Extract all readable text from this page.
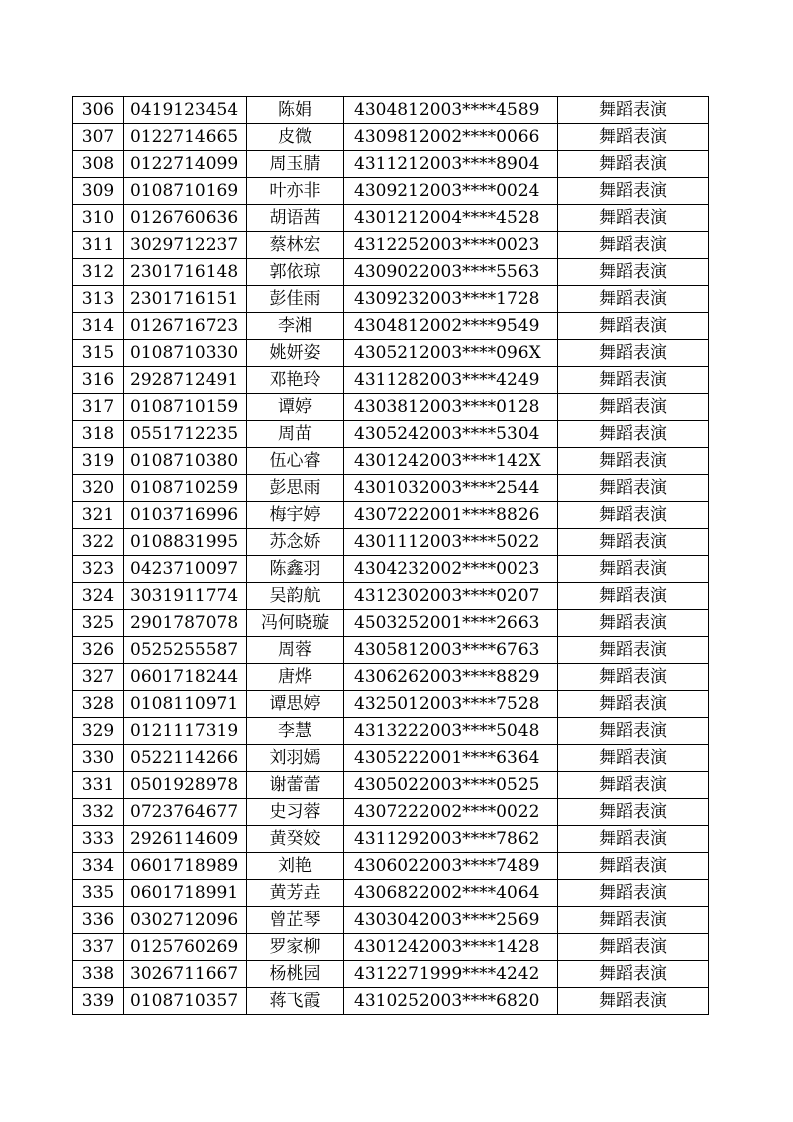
306	0419123454	陈娟	4304812003****4589	舞蹈表演
307	0122714665	皮微	4309812002****0066	舞蹈表演
308	0122714099	周玉腈	4311212003****8904	舞蹈表演
309	0108710169	叶亦非	4309212003****0024	舞蹈表演
310	0126760636	胡语茜	4301212004****4528	舞蹈表演
311	3029712237	蔡林宏	4312252003****0023	舞蹈表演
312	2301716148	郭依琼	4309022003****5563	舞蹈表演
313	2301716151	彭佳雨	4309232003****1728	舞蹈表演
314	0126716723	李湘	4304812002****9549	舞蹈表演
315	0108710330	姚妍姿	4305212003****096X	舞蹈表演
316	2928712491	邓艳玲	4311282003****4249	舞蹈表演
317	0108710159	谭婷	4303812003****0128	舞蹈表演
318	0551712235	周苗	4305242003****5304	舞蹈表演
319	0108710380	伍心睿	4301242003****142X	舞蹈表演
320	0108710259	彭思雨	4301032003****2544	舞蹈表演
321	0103716996	梅宇婷	4307222001****8826	舞蹈表演
322	0108831995	苏念娇	4301112003****5022	舞蹈表演
323	0423710097	陈鑫羽	4304232002****0023	舞蹈表演
324	3031911774	吴韵航	4312302003****0207	舞蹈表演
325	2901787078	冯何晓璇	4503252001****2663	舞蹈表演
326	0525255587	周蓉	4305812003****6763	舞蹈表演
327	0601718244	唐烨	4306262003****8829	舞蹈表演
328	0108110971	谭思婷	4325012003****7528	舞蹈表演
329	0121117319	李慧	4313222003****5048	舞蹈表演
330	0522114266	刘羽嫣	4305222001****6364	舞蹈表演
331	0501928978	谢蕾蕾	4305022003****0525	舞蹈表演
332	0723764677	史习蓉	4307222002****0022	舞蹈表演
333	2926114609	黄癸姣	4311292003****7862	舞蹈表演
334	0601718989	刘艳	4306022003****7489	舞蹈表演
335	0601718991	黄芳垚	4306822002****4064	舞蹈表演
336	0302712096	曾芷琴	4303042003****2569	舞蹈表演
337	0125760269	罗家柳	4301242003****1428	舞蹈表演
338	3026711667	杨桃园	4312271999****4242	舞蹈表演
339	0108710357	蒋飞霞	4310252003****6820	舞蹈表演
